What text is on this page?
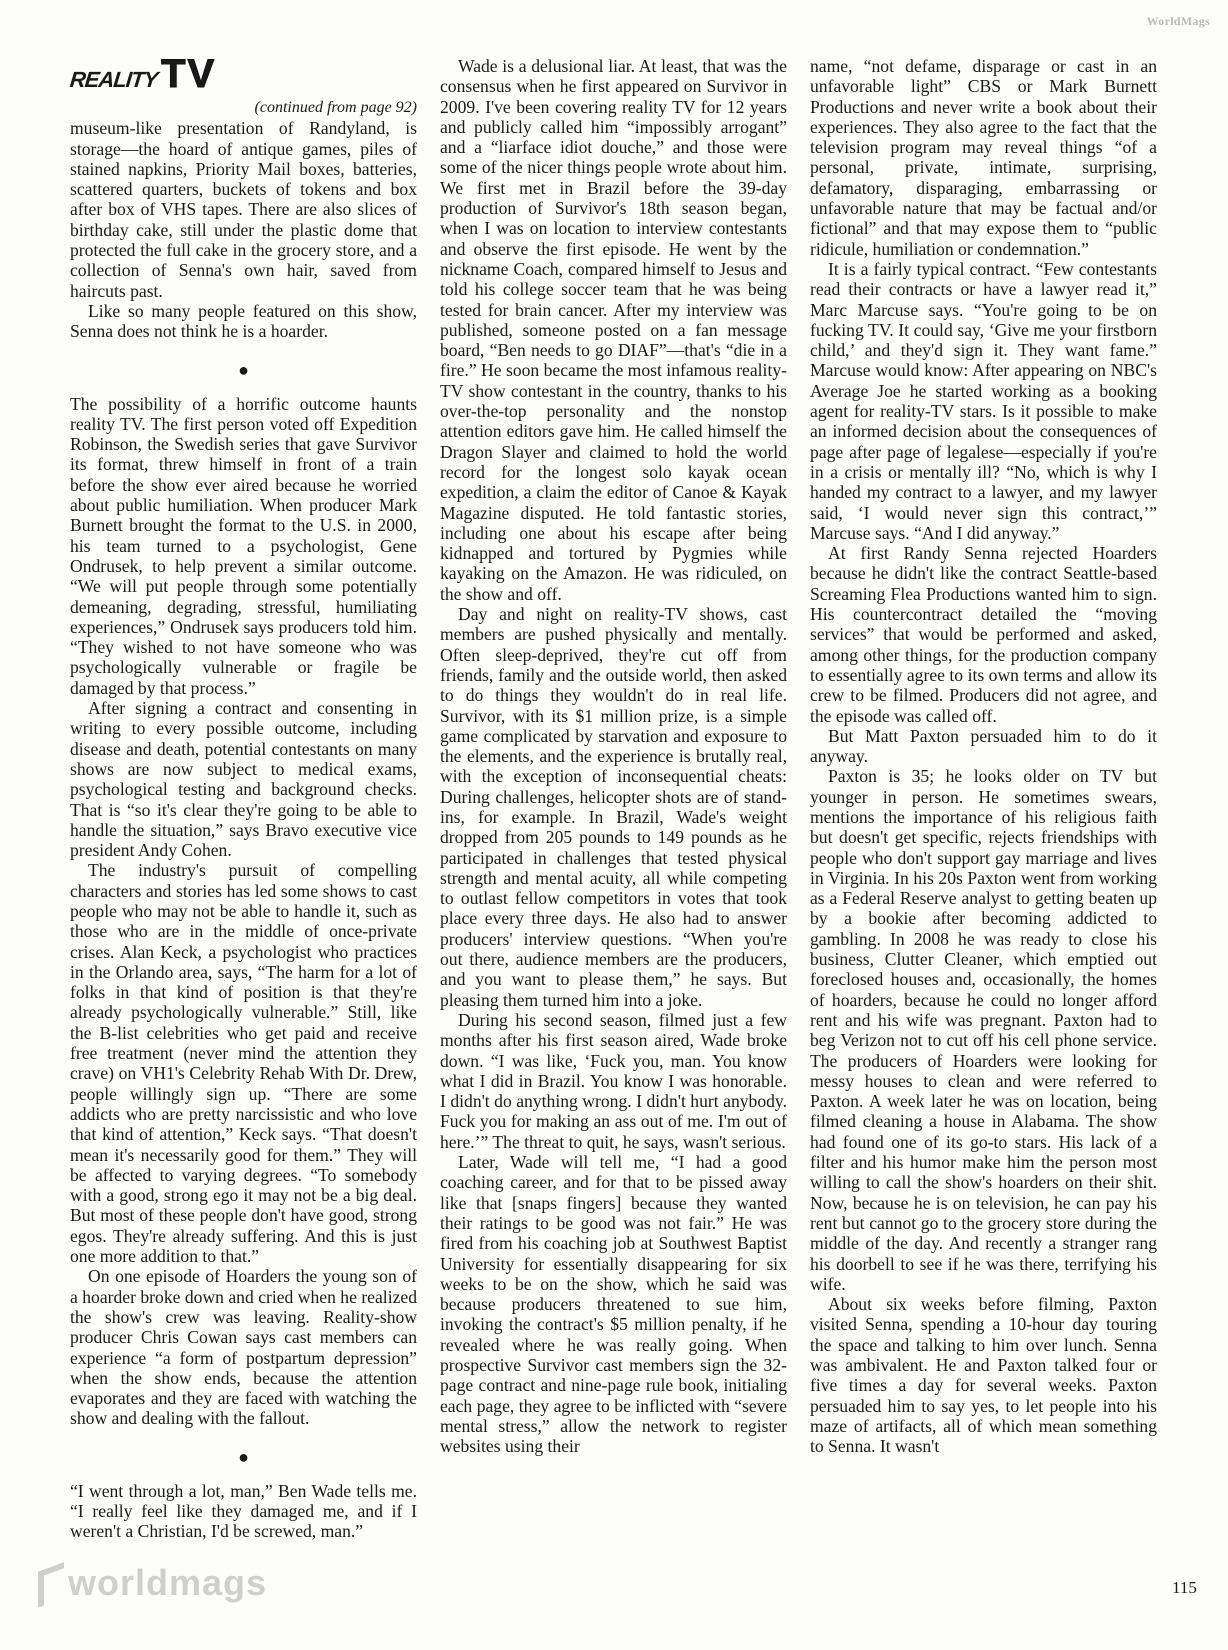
WorldMags
REALITYTV

(continued from page 92)

museum-like presentation of Randyland, is storage—the hoard of antique games, piles of stained napkins, Priority Mail boxes, batteries, scattered quarters, buckets of tokens and box after box of VHS tapes. There are also slices of birthday cake, still under the plastic dome that protected the full cake in the grocery store, and a collection of Senna's own hair, saved from haircuts past.

Like so many people featured on this show, Senna does not think he is a hoarder.

●

The possibility of a horrific outcome haunts reality TV. The first person voted off Expedition Robinson, the Swedish series that gave Survivor its format, threw himself in front of a train before the show ever aired because he worried about public humiliation. When producer Mark Burnett brought the format to the U.S. in 2000, his team turned to a psychologist, Gene Ondrusek, to help prevent a similar outcome. “We will put people through some potentially demeaning, degrading, stressful, humiliating experiences,” Ondrusek says producers told him. “They wished to not have someone who was psychologically vulnerable or fragile be damaged by that process.”

After signing a contract and consenting in writing to every possible outcome, including disease and death, potential contestants on many shows are now subject to medical exams, psychological testing and background checks. That is “so it's clear they're going to be able to handle the situation,” says Bravo executive vice president Andy Cohen.

The industry's pursuit of compelling characters and stories has led some shows to cast people who may not be able to handle it, such as those who are in the middle of once-private crises. Alan Keck, a psychologist who practices in the Orlando area, says, “The harm for a lot of folks in that kind of position is that they're already psychologically vulnerable.” Still, like the B-list celebrities who get paid and receive free treatment (never mind the attention they crave) on VH1's Celebrity Rehab With Dr. Drew, people willingly sign up. “There are some addicts who are pretty narcissistic and who love that kind of attention,” Keck says. “That doesn't mean it's necessarily good for them.” They will be affected to varying degrees. “To somebody with a good, strong ego it may not be a big deal. But most of these people don't have good, strong egos. They're already suffering. And this is just one more addition to that.”

On one episode of Hoarders the young son of a hoarder broke down and cried when he realized the show's crew was leaving. Reality-show producer Chris Cowan says cast members can experience “a form of postpartum depression” when the show ends, because the attention evaporates and they are faced with watching the show and dealing with the fallout.

●

“I went through a lot, man,” Ben Wade tells me. “I really feel like they damaged me, and if I weren't a Christian, I'd be screwed, man.”

Wade is a delusional liar. At least, that was the consensus when he first appeared on Survivor in 2009. I've been covering reality TV for 12 years and publicly called him “impossibly arrogant” and a “liarface idiot douche,” and those were some of the nicer things people wrote about him. We first met in Brazil before the 39-day production of Survivor's 18th season began, when I was on location to interview contestants and observe the first episode. He went by the nickname Coach, compared himself to Jesus and told his college soccer team that he was being tested for brain cancer. After my interview was published, someone posted on a fan message board, “Ben needs to go DIAF”—that's “die in a fire.” He soon became the most infamous reality-TV show contestant in the country, thanks to his over-the-top personality and the nonstop attention editors gave him. He called himself the Dragon Slayer and claimed to hold the world record for the longest solo kayak ocean expedition, a claim the editor of Canoe & Kayak Magazine disputed. He told fantastic stories, including one about his escape after being kidnapped and tortured by Pygmies while kayaking on the Amazon. He was ridiculed, on the show and off.

Day and night on reality-TV shows, cast members are pushed physically and mentally. Often sleep-deprived, they're cut off from friends, family and the outside world, then asked to do things they wouldn't do in real life. Survivor, with its $1 million prize, is a simple game complicated by starvation and exposure to the elements, and the experience is brutally real, with the exception of inconsequential cheats: During challenges, helicopter shots are of stand-ins, for example. In Brazil, Wade's weight dropped from 205 pounds to 149 pounds as he participated in challenges that tested physical strength and mental acuity, all while competing to outlast fellow competitors in votes that took place every three days. He also had to answer producers' interview questions. “When you're out there, audience members are the producers, and you want to please them,” he says. But pleasing them turned him into a joke.

During his second season, filmed just a few months after his first season aired, Wade broke down. “I was like, ‘Fuck you, man. You know what I did in Brazil. You know I was honorable. I didn't do anything wrong. I didn't hurt anybody. Fuck you for making an ass out of me. I'm out of here.’” The threat to quit, he says, wasn't serious.

Later, Wade will tell me, “I had a good coaching career, and for that to be pissed away like that [snaps fingers] because they wanted their ratings to be good was not fair.” He was fired from his coaching job at Southwest Baptist University for essentially disappearing for six weeks to be on the show, which he said was because producers threatened to sue him, invoking the contract's $5 million penalty, if he revealed where he was really going. When prospective Survivor cast members sign the 32-page contract and nine-page rule book, initialing each page, they agree to be inflicted with “severe mental stress,” allow the network to register websites using their

name, “not defame, disparage or cast in an unfavorable light” CBS or Mark Burnett Productions and never write a book about their experiences. They also agree to the fact that the television program may reveal things “of a personal, private, intimate, surprising, defamatory, disparaging, embarrassing or unfavorable nature that may be factual and/or fictional” and that may expose them to “public ridicule, humiliation or condemnation.”

It is a fairly typical contract. “Few contestants read their contracts or have a lawyer read it,” Marc Marcuse says. “You're going to be on fucking TV. It could say, ‘Give me your firstborn child,’ and they'd sign it. They want fame.” Marcuse would know: After appearing on NBC's Average Joe he started working as a booking agent for reality-TV stars. Is it possible to make an informed decision about the consequences of page after page of legalese—especially if you're in a crisis or mentally ill? “No, which is why I handed my contract to a lawyer, and my lawyer said, ‘I would never sign this contract,’” Marcuse says. “And I did anyway.”

At first Randy Senna rejected Hoarders because he didn't like the contract Seattle-based Screaming Flea Productions wanted him to sign. His countercontract detailed the “moving services” that would be performed and asked, among other things, for the production company to essentially agree to its own terms and allow its crew to be filmed. Producers did not agree, and the episode was called off.

But Matt Paxton persuaded him to do it anyway.

Paxton is 35; he looks older on TV but younger in person. He sometimes swears, mentions the importance of his religious faith but doesn't get specific, rejects friendships with people who don't support gay marriage and lives in Virginia. In his 20s Paxton went from working as a Federal Reserve analyst to getting beaten up by a bookie after becoming addicted to gambling. In 2008 he was ready to close his business, Clutter Cleaner, which emptied out foreclosed houses and, occasionally, the homes of hoarders, because he could no longer afford rent and his wife was pregnant. Paxton had to beg Verizon not to cut off his cell phone service. The producers of Hoarders were looking for messy houses to clean and were referred to Paxton. A week later he was on location, being filmed cleaning a house in Alabama. The show had found one of its go-to stars. His lack of a filter and his humor make him the person most willing to call the show's hoarders on their shit. Now, because he is on television, he can pay his rent but cannot go to the grocery store during the middle of the day. And recently a stranger rang his doorbell to see if he was there, terrifying his wife.

About six weeks before filming, Paxton visited Senna, spending a 10-hour day touring the space and talking to him over lunch. Senna was ambivalent. He and Paxton talked four or five times a day for several weeks. Paxton persuaded him to say yes, to let people into his maze of artifacts, all of which mean something to Senna. It wasn't

115
worldmags
